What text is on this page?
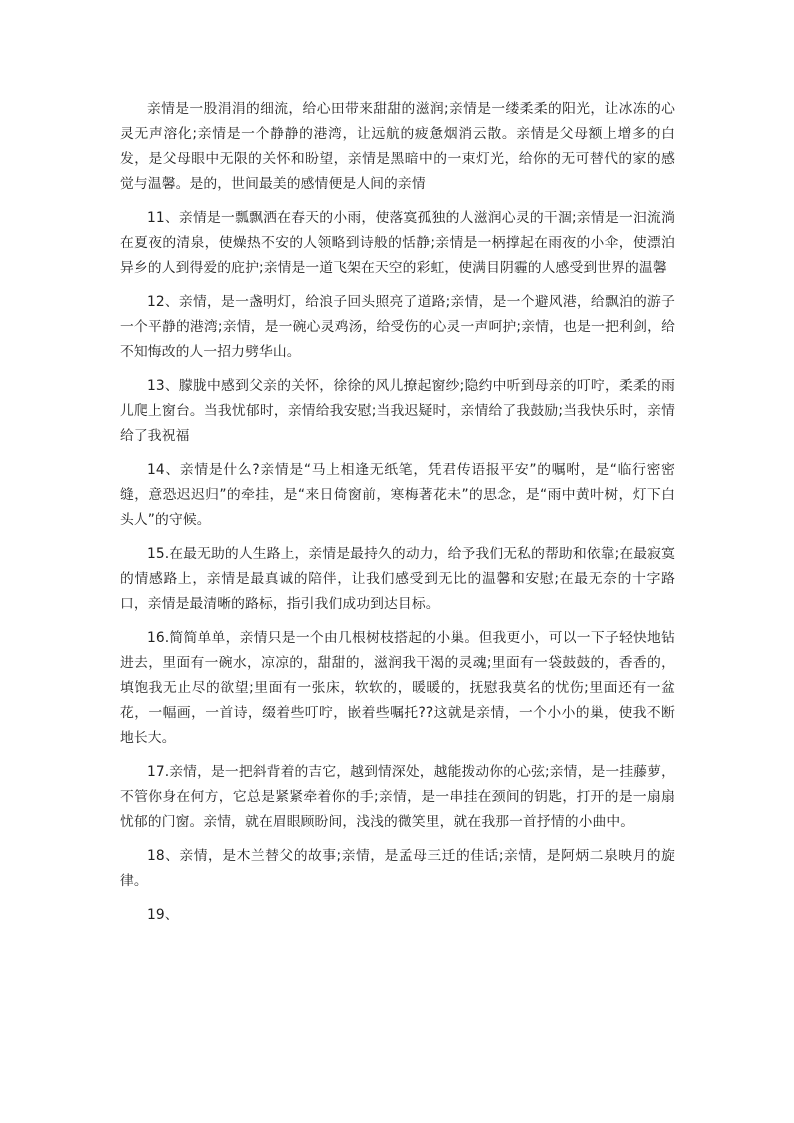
亲情是一股涓涓的细流，给心田带来甜甜的滋润;亲情是一缕柔柔的阳光，让冰冻的心灵无声溶化;亲情是一个静静的港湾，让远航的疲惫烟消云散。亲情是父母额上增多的白发，是父母眼中无限的关怀和盼望，亲情是黑暗中的一束灯光，给你的无可替代的家的感觉与温馨。是的，世间最美的感情便是人间的亲情

11、亲情是一瓢飘洒在春天的小雨，使落寞孤独的人滋润心灵的干涸;亲情是一汩流淌在夏夜的清泉，使燥热不安的人领略到诗般的恬静;亲情是一柄撑起在雨夜的小伞，使漂泊异乡的人到得爱的庇护;亲情是一道飞架在天空的彩虹，使满目阴霾的人感受到世界的温馨

12、亲情，是一盏明灯，给浪子回头照亮了道路;亲情，是一个避风港，给飘泊的游子一个平静的港湾;亲情，是一碗心灵鸡汤，给受伤的心灵一声呵护;亲情，也是一把利剑，给不知悔改的人一招力劈华山。

13、朦胧中感到父亲的关怀，徐徐的风儿撩起窗纱;隐约中听到母亲的叮咛，柔柔的雨儿爬上窗台。当我忧郁时，亲情给我安慰;当我迟疑时，亲情给了我鼓励;当我快乐时，亲情给了我祝福

14、亲情是什么?亲情是“马上相逢无纸笔，凭君传语报平安”的嘱咐，是“临行密密缝，意恐迟迟归”的牵挂，是“来日倚窗前，寒梅著花未”的思念，是“雨中黄叶树，灯下白头人”的守候。

15.在最无助的人生路上，亲情是最持久的动力，给予我们无私的帮助和依靠;在最寂寞的情感路上，亲情是最真诚的陪伴，让我们感受到无比的温馨和安慰;在最无奈的十字路口，亲情是最清晰的路标，指引我们成功到达目标。

16.简简单单，亲情只是一个由几根树枝搭起的小巢。但我更小，可以一下子轻快地钻进去，里面有一碗水，凉凉的，甜甜的，滋润我干渴的灵魂;里面有一袋鼓鼓的，香香的，填饱我无止尽的欲望;里面有一张床，软软的，暖暖的，抚慰我莫名的忧伤;里面还有一盆花，一幅画，一首诗，缀着些叮咛，嵌着些嘱托??这就是亲情，一个小小的巢，使我不断地长大。

17.亲情，是一把斜背着的吉它，越到情深处，越能拨动你的心弦;亲情，是一挂藤萝，不管你身在何方，它总是紧紧牵着你的手;亲情，是一串挂在颈间的钥匙，打开的是一扇扇忧郁的门窗。亲情，就在眉眼顾盼间，浅浅的微笑里，就在我那一首抒情的小曲中。

18、亲情，是木兰替父的故事;亲情，是孟母三迁的佳话;亲情，是阿炳二泉映月的旋律。

19、
